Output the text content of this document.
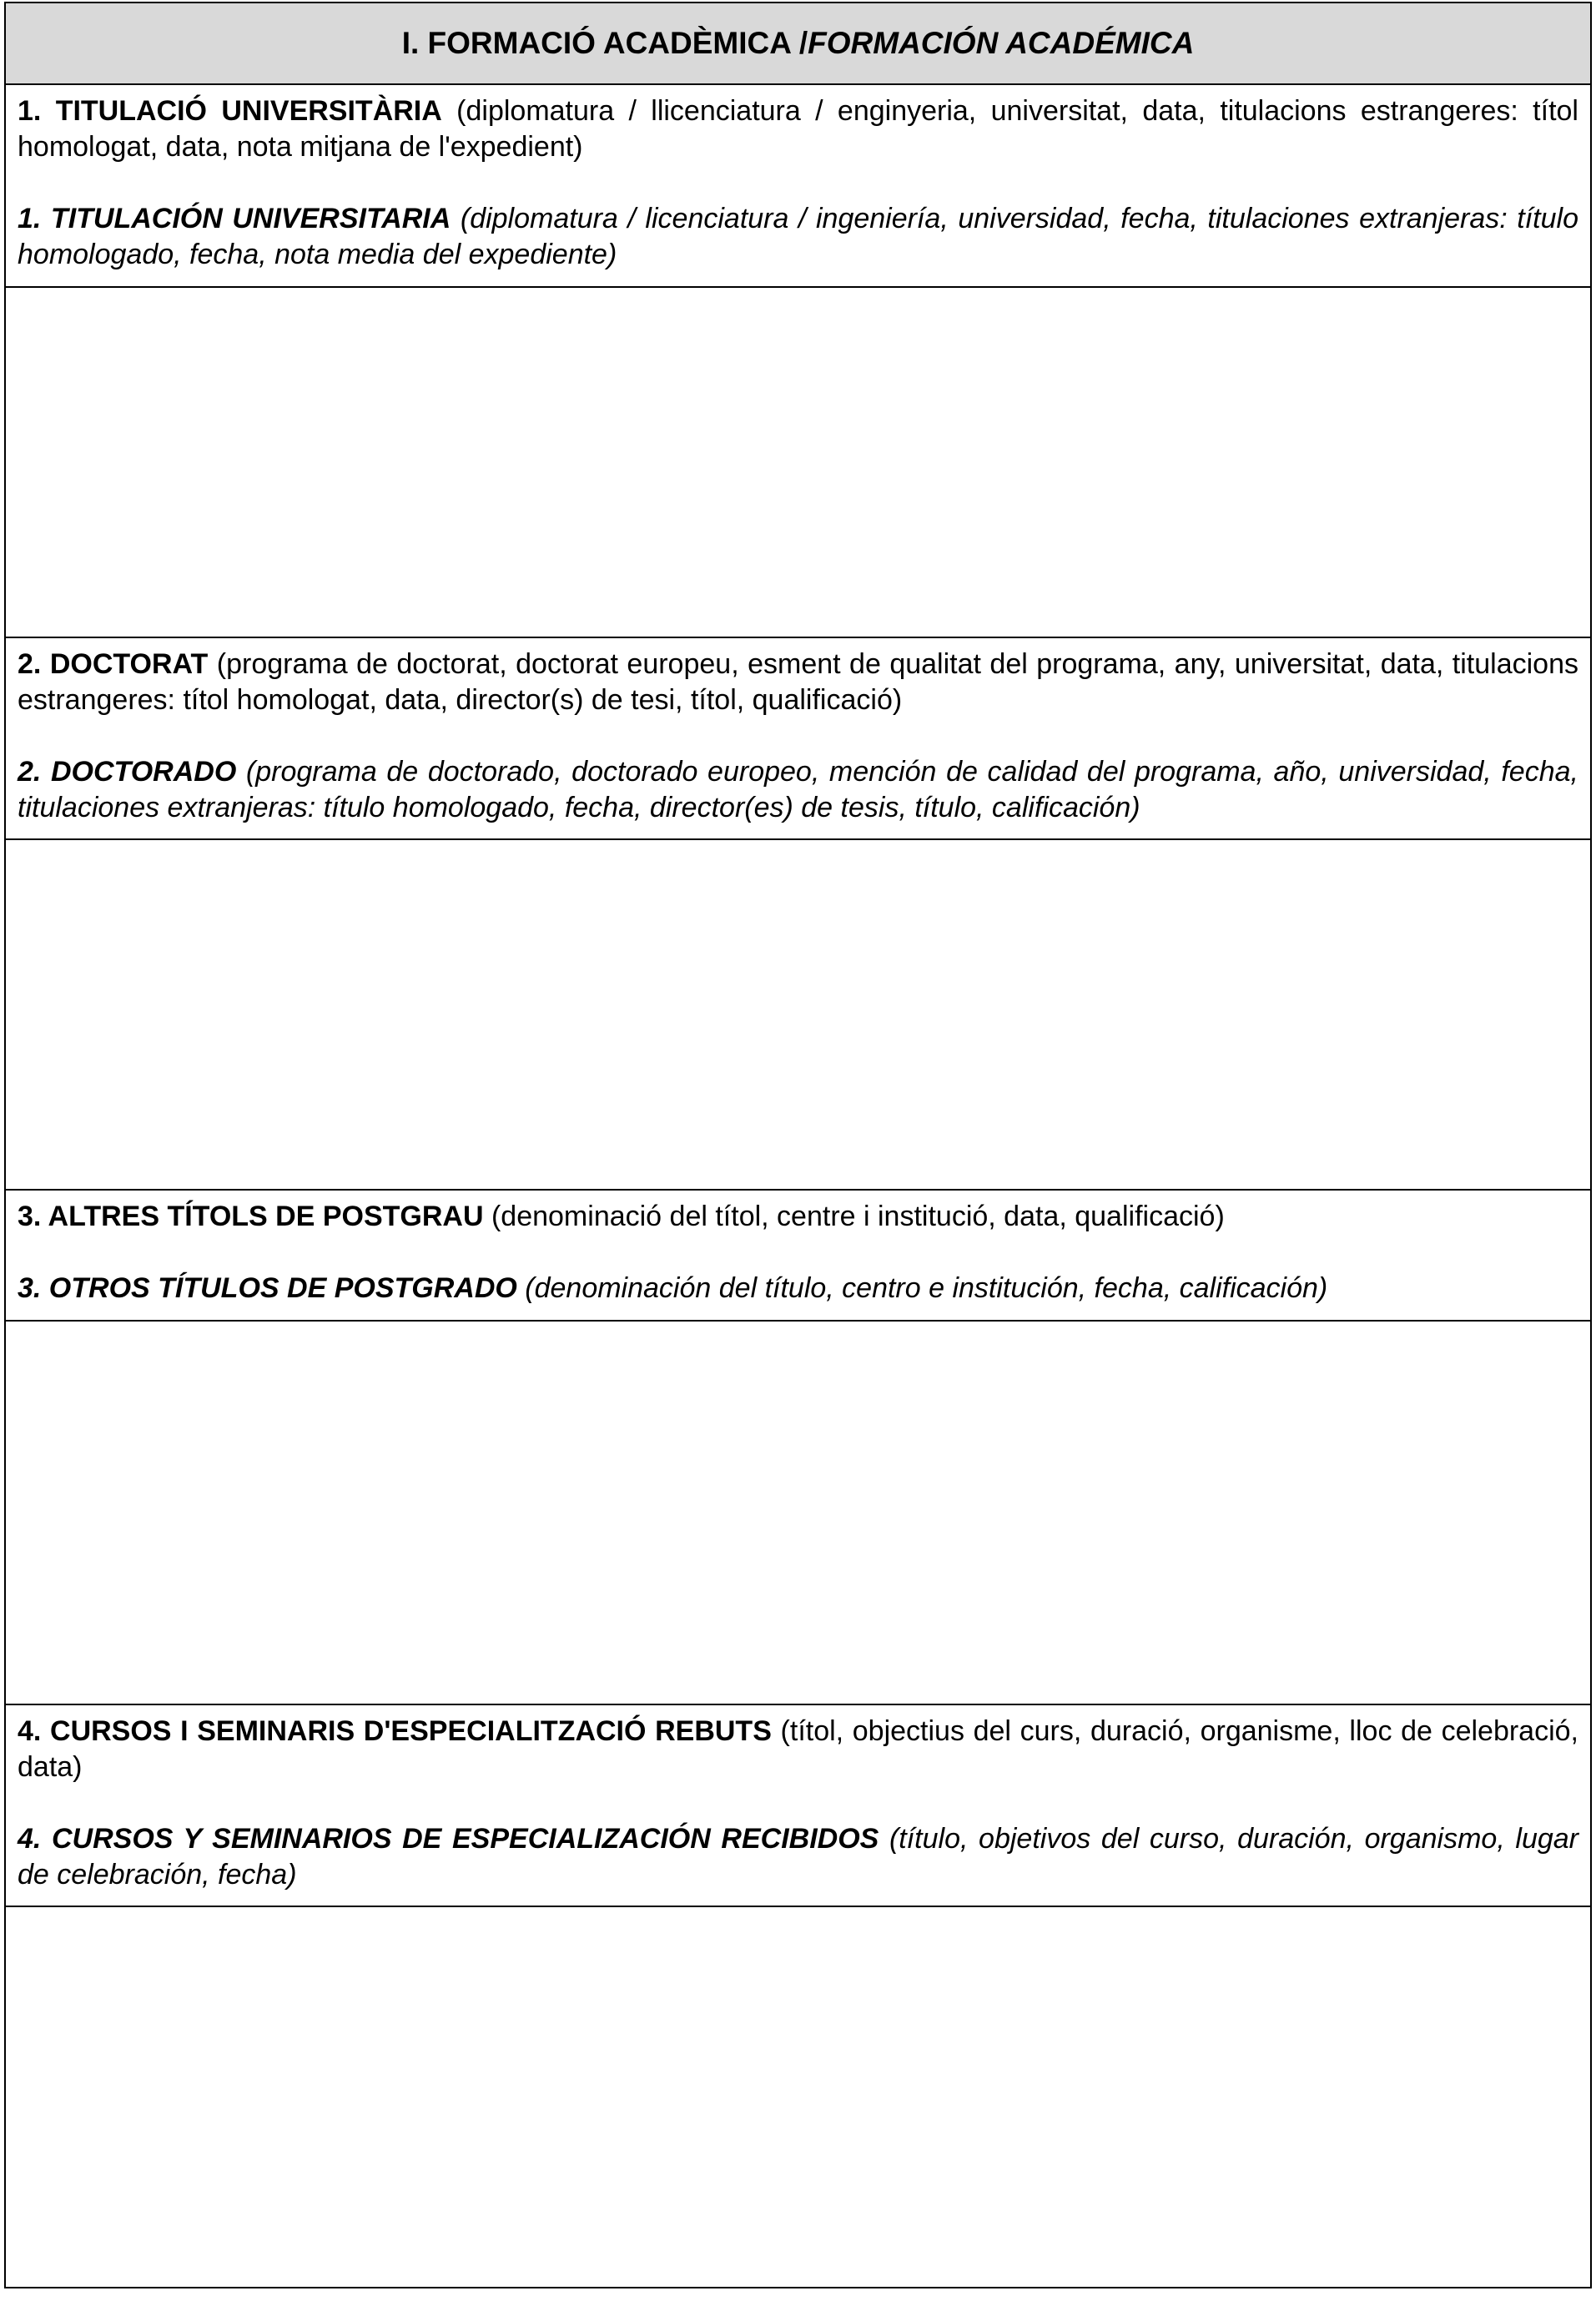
I. FORMACIÓ ACADÈMICA / FORMACIÓN ACADÉMICA

1. TITULACIÓ UNIVERSITÀRIA (diplomatura / llicenciatura / enginyeria, universitat, data, titulacions estrangeres: títol homologat, data, nota mitjana de l'expedient)

1. TITULACIÓN UNIVERSITARIA (diplomatura / licenciatura / ingeniería, universidad, fecha, titulaciones extranjeras: título homologado, fecha, nota media del expediente)

2. DOCTORAT (programa de doctorat, doctorat europeu, esment de qualitat del programa, any, universitat, data, titulacions estrangeres: títol homologat, data, director(s) de tesi, títol, qualificació)

2. DOCTORADO (programa de doctorado, doctorado europeo, mención de calidad del programa, año, universidad, fecha, titulaciones extranjeras: título homologado, fecha, director(es) de tesis, título, calificación)

3. ALTRES TÍTOLS DE POSTGRAU (denominació del títol, centre i institució, data, qualificació)

3. OTROS TÍTULOS DE POSTGRADO (denominación del título, centro e institución, fecha, calificación)

4. CURSOS I SEMINARIS D'ESPECIALITZACIÓ REBUTS (títol, objectius del curs, duració, organisme, lloc de celebració, data)

4. CURSOS Y SEMINARIOS DE ESPECIALIZACIÓN RECIBIDOS (título, objetivos del curso, duración, organismo, lugar de celebración, fecha)
